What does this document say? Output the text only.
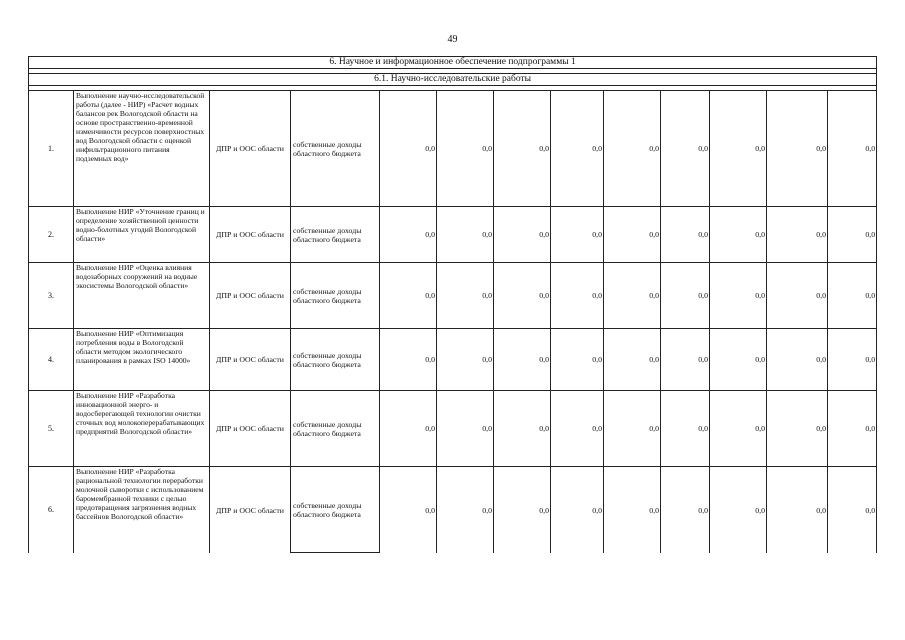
49
6. Научное и информационное обеспечение подпрограммы 1												

6.1. Научно-исследовательские работы												

1.	Выполнение научно-исследовательской работы (далее - НИР) «Расчет водных балансов рек Вологодской области на основе пространственно-временной изменчивости ресурсов поверхностных вод Вологодской области с оценкой инфильтрационного питания подземных вод»	ДПР и ООС области	собственные доходы областного бюджета	0,0	0,0	0,0	0,0	0,0	0,0	0,0	0,0	0,0
2.	Выполнение НИР «Уточнение границ и определение хозяйственной ценности водно-болотных угодий Вологодской области»	ДПР и ООС области	собственные доходы областного бюджета	0,0	0,0	0,0	0,0	0,0	0,0	0,0	0,0	0,0
3.	Выполнение НИР «Оценка влияния водозаборных сооружений на водные экосистемы Вологодской области»	ДПР и ООС области	собственные доходы областного бюджета	0,0	0,0	0,0	0,0	0,0	0,0	0,0	0,0	0,0
4.	Выполнение НИР «Оптимизация потребления воды в Вологодской области методом экологического планирования в рамках ISO 14000»	ДПР и ООС области	собственные доходы областного бюджета	0,0	0,0	0,0	0,0	0,0	0,0	0,0	0,0	0,0
5.	Выполнение НИР «Разработка инновационной энерго- и водосберегающей технологии очистки сточных вод молокоперерабатывающих предприятий Вологодской области»	ДПР и ООС области	собственные доходы областного бюджета	0,0	0,0	0,0	0,0	0,0	0,0	0,0	0,0	0,0
6.	Выполнение НИР «Разработка рациональной технологии переработки молочной сыворотки с использованием баромембранной техники с целью предотвращения загрязнения водных бассейнов Вологодской области»	ДПР и ООС области	собственные доходы областного бюджета	0,0	0,0	0,0	0,0	0,0	0,0	0,0	0,0	0,0
